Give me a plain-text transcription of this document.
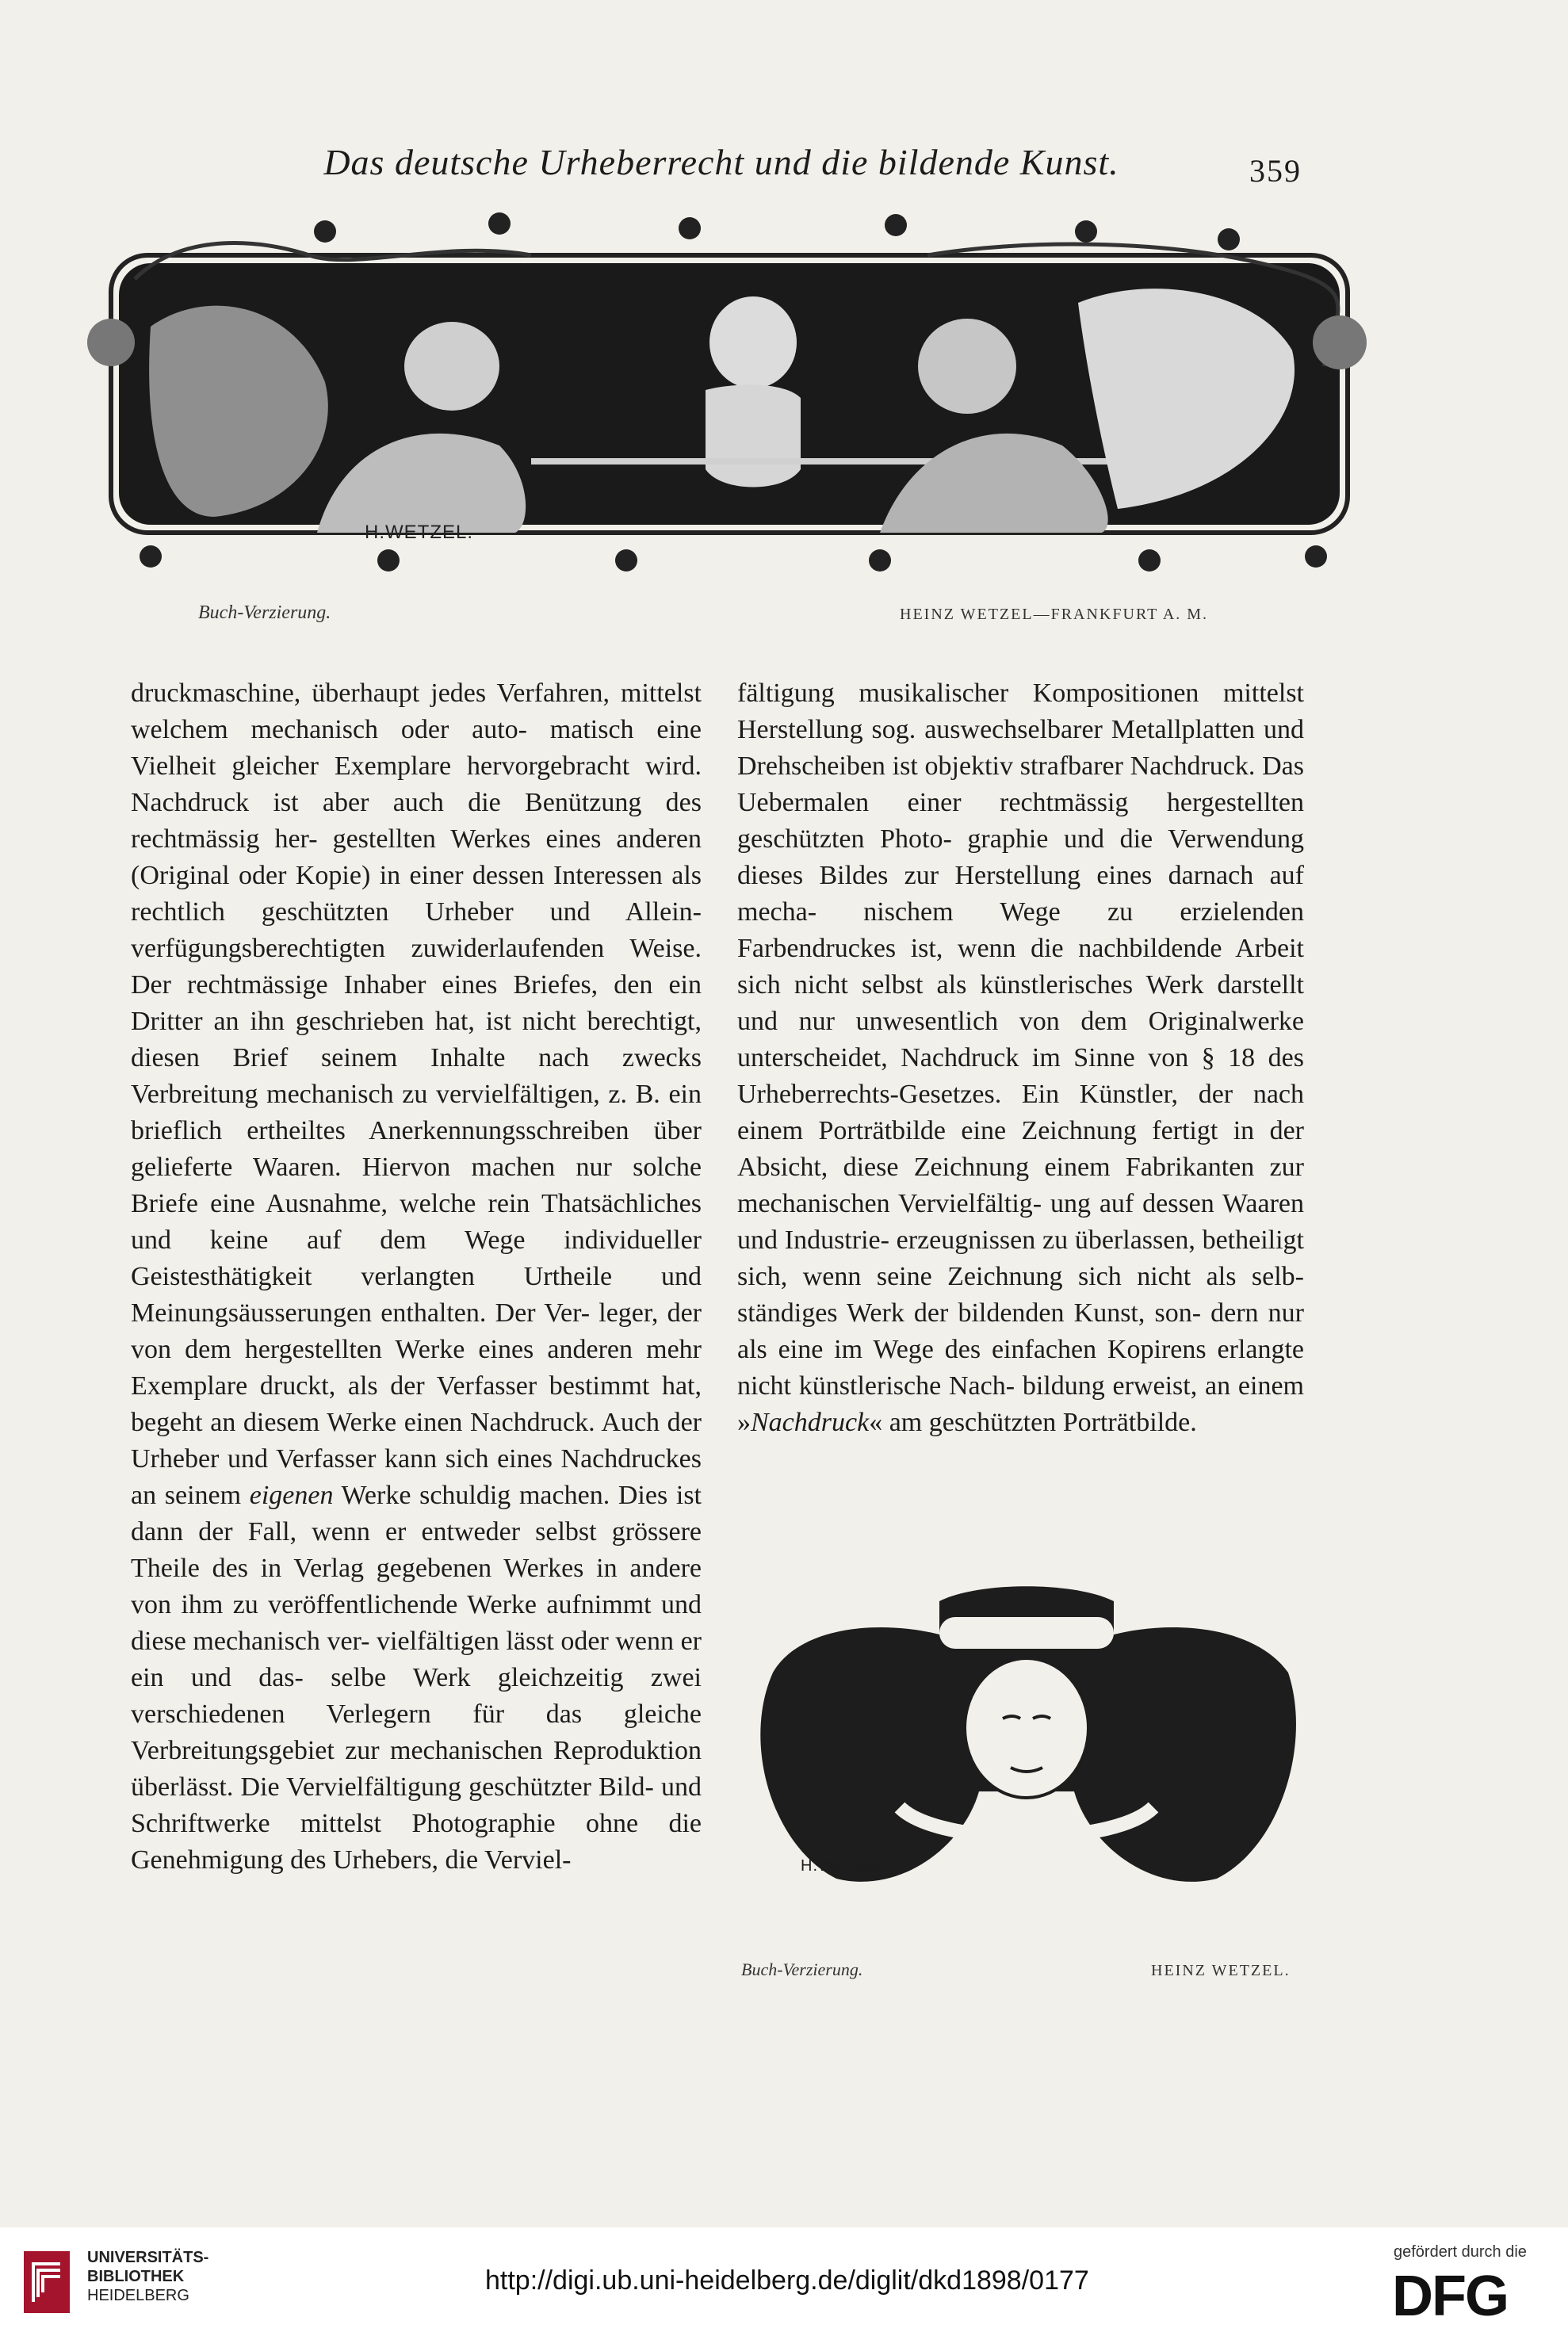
Das deutsche Urheberrecht und die bildende Kunst.	359
H.WETZEL.
Buch-Verzierung.	HEINZ WETZEL—FRANKFURT A. M.

druckmaschine, überhaupt jedes Verfahren, mittelst welchem mechanisch oder auto- matisch eine Vielheit gleicher Exemplare hervorgebracht wird. Nachdruck ist aber auch die Benützung des rechtmässig her- gestellten Werkes eines anderen (Original oder Kopie) in einer dessen Interessen als rechtlich geschützten Urheber und Allein- verfügungsberechtigten zuwiderlaufenden Weise. Der rechtmässige Inhaber eines Briefes, den ein Dritter an ihn geschrieben hat, ist nicht berechtigt, diesen Brief seinem Inhalte nach zwecks Verbreitung mechanisch zu vervielfältigen, z. B. ein brieflich ertheiltes Anerkennungsschreiben über gelieferte Waaren. Hiervon machen nur solche Briefe eine Ausnahme, welche rein Thatsächliches und keine auf dem Wege individueller Geistesthätigkeit verlangten Urtheile und Meinungsäusserungen enthalten. Der Ver- leger, der von dem hergestellten Werke eines anderen mehr Exemplare druckt, als der Verfasser bestimmt hat, begeht an diesem Werke einen Nachdruck. Auch der Urheber und Verfasser kann sich eines Nachdruckes an seinem eigenen Werke schuldig machen. Dies ist dann der Fall, wenn er entweder selbst grössere Theile des in Verlag gegebenen Werkes in andere von ihm zu veröffentlichende Werke aufnimmt und diese mechanisch ver- vielfältigen lässt oder wenn er ein und das- selbe Werk gleichzeitig zwei verschiedenen Verlegern für das gleiche Verbreitungsgebiet zur mechanischen Reproduktion überlässt. Die Vervielfältigung geschützter Bild- und Schriftwerke mittelst Photographie ohne die Genehmigung des Urhebers, die Verviel-

fältigung musikalischer Kompositionen mittelst Herstellung sog. auswechselbarer Metallplatten und Drehscheiben ist objektiv strafbarer Nachdruck. Das Uebermalen einer rechtmässig hergestellten geschützten Photo- graphie und die Verwendung dieses Bildes zur Herstellung eines darnach auf mecha- nischem Wege zu erzielenden Farbendruckes ist, wenn die nachbildende Arbeit sich nicht selbst als künstlerisches Werk darstellt und nur unwesentlich von dem Originalwerke unterscheidet, Nachdruck im Sinne von § 18 des Urheberrechts-Gesetzes. Ein Künstler, der nach einem Porträtbilde eine Zeichnung fertigt in der Absicht, diese Zeichnung einem Fabrikanten zur mechanischen Vervielfältig- ung auf dessen Waaren und Industrie- erzeugnissen zu überlassen, betheiligt sich, wenn seine Zeichnung sich nicht als selb- ständiges Werk der bildenden Kunst, son- dern nur als eine im Wege des einfachen Kopirens erlangte nicht künstlerische Nach- bildung erweist, an einem »Nachdruck« am geschützten Porträtbilde.

H.WETZEL.
Buch-Verzierung.	HEINZ WETZEL.
UNIVERSITÄTS-
BIBLIOTHEK
HEIDELBERG	http://digi.ub.uni-heidelberg.de/diglit/dkd1898/0177
gefördert durch die
DFG
